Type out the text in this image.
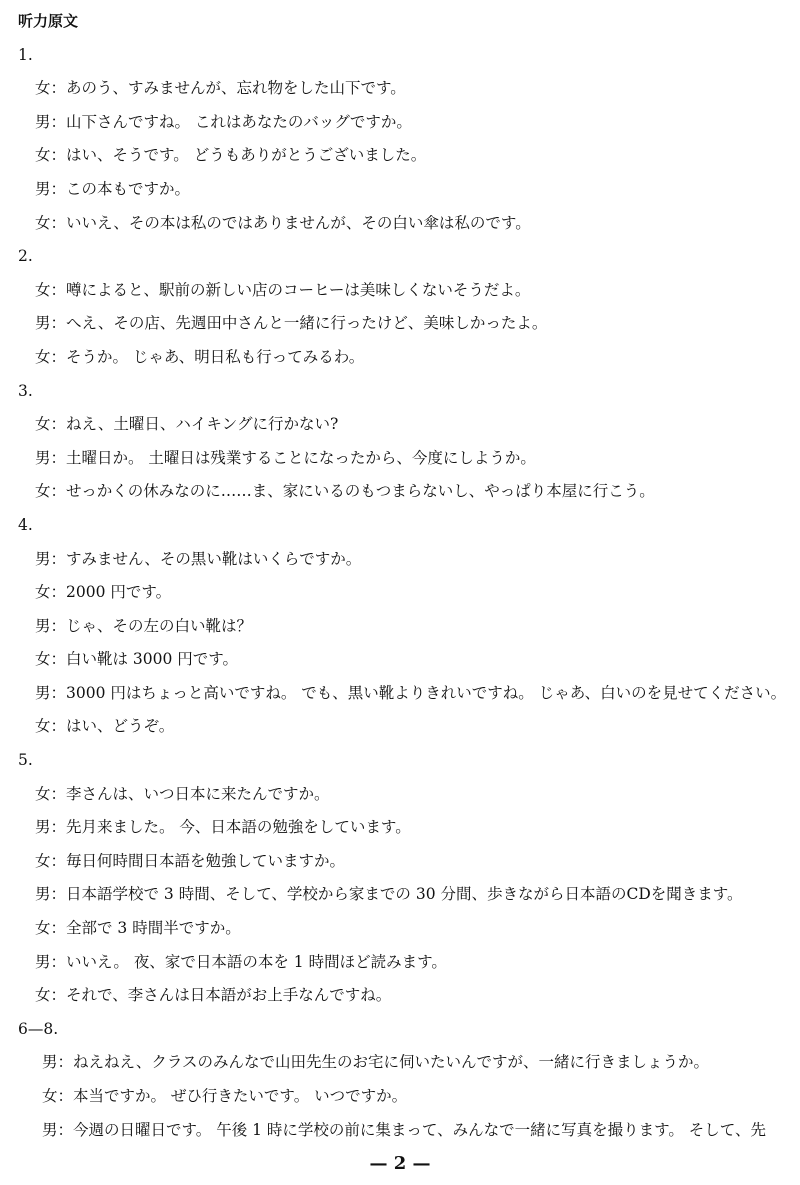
听力原文
1.
女：あのう、すみませんが、忘れ物をした山下です。
男：山下さんですね。 これはあなたのバッグですか。
女：はい、そうです。 どうもありがとうございました。
男：この本もですか。
女：いいえ、その本は私のではありませんが、その白い傘は私のです。
2.
女：噂によると、駅前の新しい店のコーヒーは美味しくないそうだよ。
男：へえ、その店、先週田中さんと一緒に行ったけど、美味しかったよ。
女：そうか。 じゃあ、明日私も行ってみるわ。
3.
女：ねえ、土曜日、ハイキングに行かない?
男：土曜日か。 土曜日は残業することになったから、今度にしようか。
女：せっかくの休みなのに……ま、家にいるのもつまらないし、やっぱり本屋に行こう。
4.
男：すみません、その黒い靴はいくらですか。
女：2000 円です。
男：じゃ、その左の白い靴は？
女：白い靴は 3000 円です。
男：3000 円はちょっと高いですね。 でも、黒い靴よりきれいですね。 じゃあ、白いのを見せてください。
女：はい、どうぞ。
5.
女：李さんは、いつ日本に来たんですか。
男：先月来ました。 今、日本語の勉強をしています。
女：毎日何時間日本語を勉強していますか。
男：日本語学校で 3 時間、そして、学校から家までの 30 分間、歩きながら日本語のCDを聞きます。
女：全部で 3 時間半ですか。
男：いいえ。 夜、家で日本語の本を 1 時間ほど読みます。
女：それで、李さんは日本語がお上手なんですね。
6—8.
男：ねえねえ、クラスのみんなで山田先生のお宅に伺いたいんですが、一緒に行きましょうか。
女：本当ですか。 ぜひ行きたいです。 いつですか。
男：今週の日曜日です。 午後 1 時に学校の前に集まって、みんなで一緒に写真を撮ります。 そして、先
— 2 —
